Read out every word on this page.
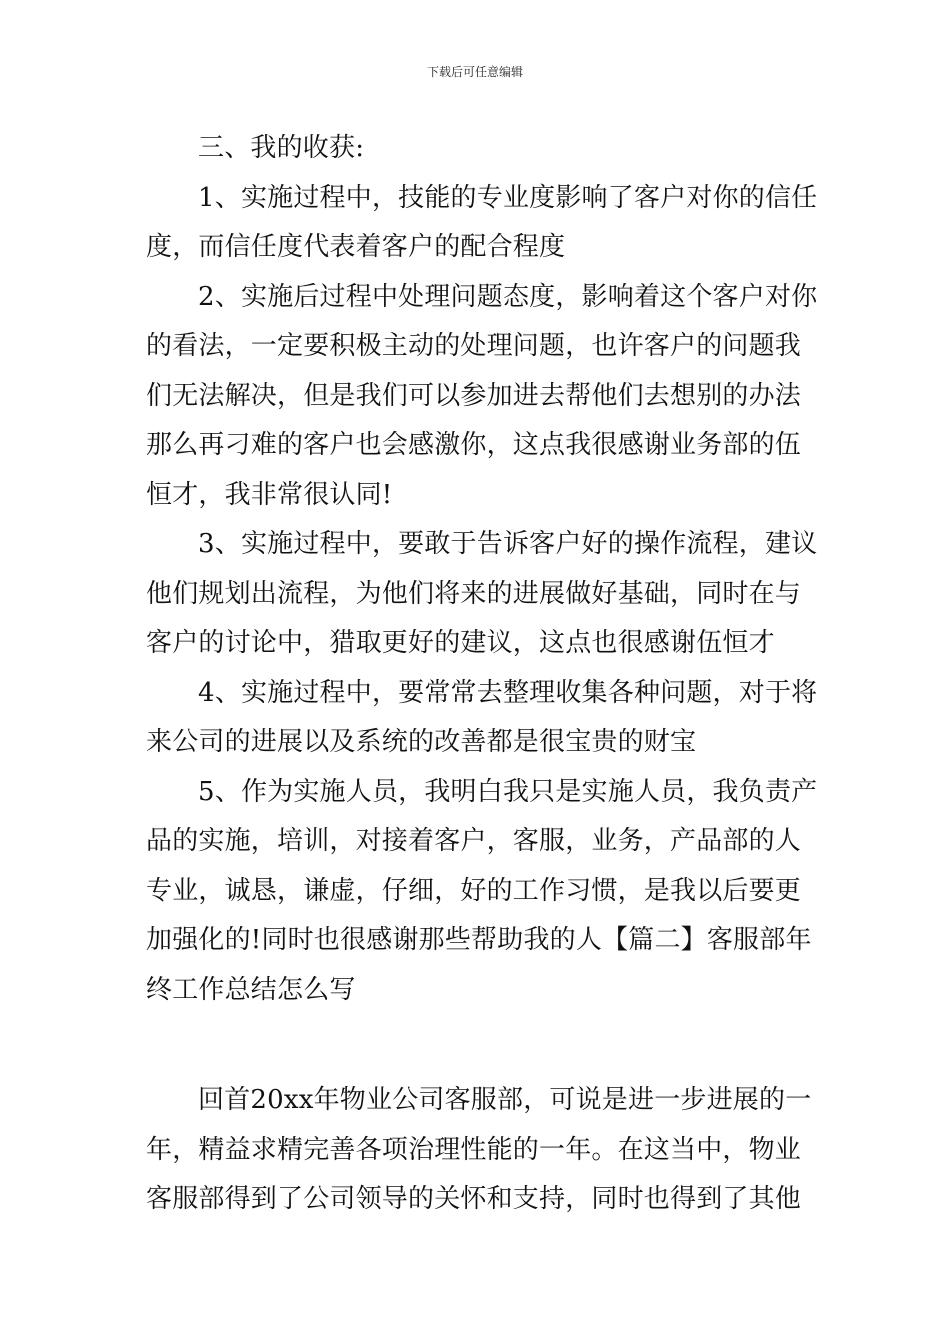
下载后可任意编辑
三、我的收获:
1、实施过程中，技能的专业度影响了客户对你的信任
度，而信任度代表着客户的配合程度
2、实施后过程中处理问题态度，影响着这个客户对你
的看法，一定要积极主动的处理问题，也许客户的问题我
们无法解决，但是我们可以参加进去帮他们去想别的办法
那么再刁难的客户也会感激你，这点我很感谢业务部的伍
恒才，我非常很认同!
3、实施过程中，要敢于告诉客户好的操作流程，建议
他们规划出流程，为他们将来的进展做好基础，同时在与
客户的讨论中，猎取更好的建议，这点也很感谢伍恒才
4、实施过程中，要常常去整理收集各种问题，对于将
来公司的进展以及系统的改善都是很宝贵的财宝
5、作为实施人员，我明白我只是实施人员，我负责产
品的实施，培训，对接着客户，客服，业务，产品部的人
专业，诚恳，谦虚，仔细，好的工作习惯，是我以后要更
加强化的!同时也很感谢那些帮助我的人【篇二】客服部年
终工作总结怎么写
回首20xx年物业公司客服部，可说是进一步进展的一
年，精益求精完善各项治理性能的一年。在这当中，物业
客服部得到了公司领导的关怀和支持，同时也得到了其他
